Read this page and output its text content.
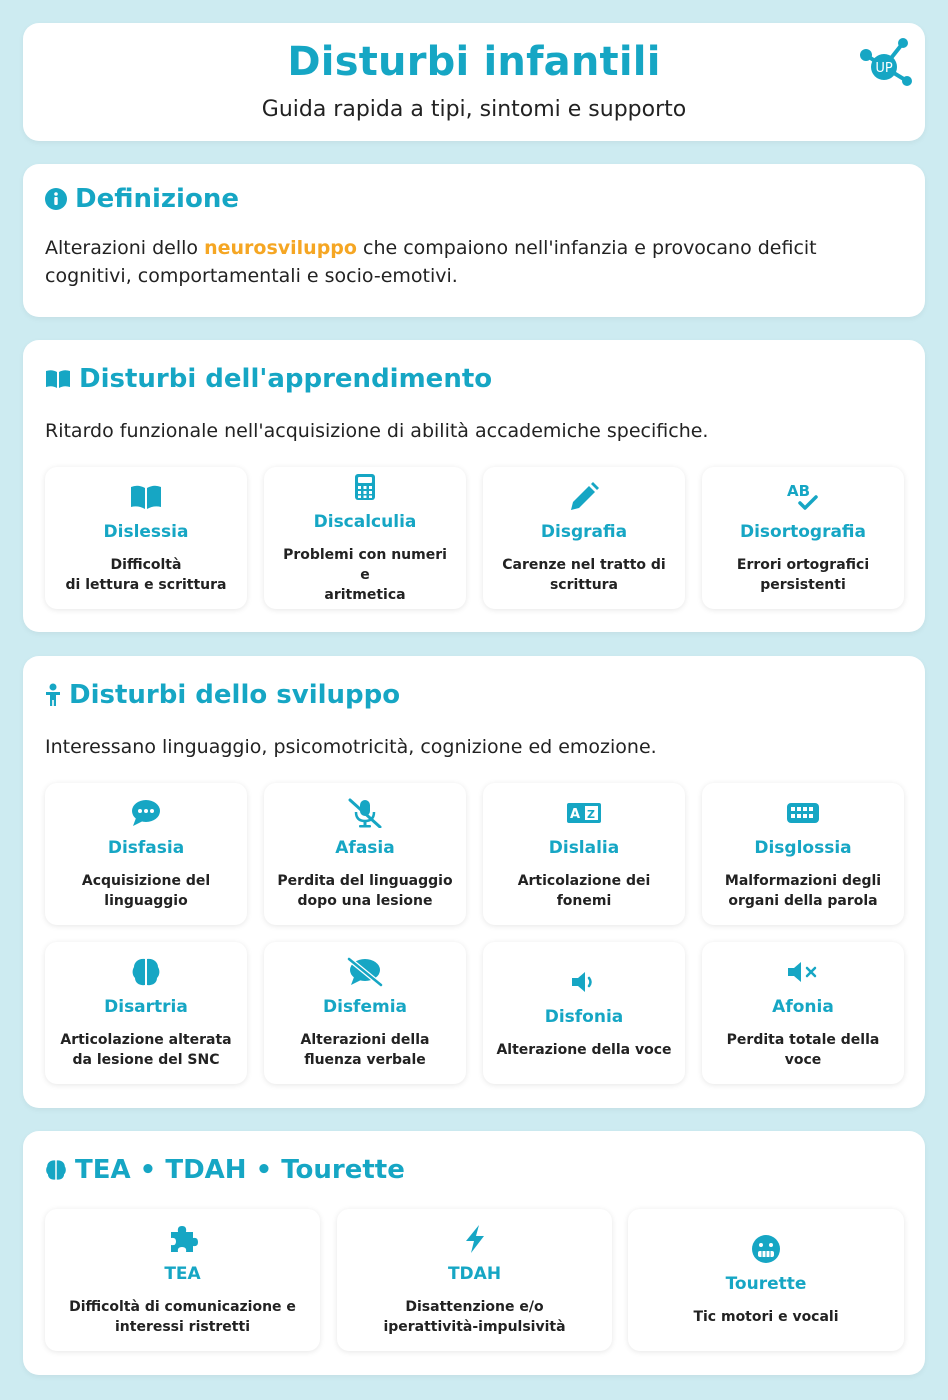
Disturbi infantili
Guida rapida a tipi, sintomi e supporto
UP
Definizione
Alterazioni dello neurosviluppo che compaiono nell'infanzia e provocano deficit cognitivi, comportamentali e socio-emotivi.
Disturbi dell'apprendimento
Ritardo funzionale nell'acquisizione di abilità accademiche specifiche.
Dislessia
Difficoltà
di lettura e scrittura
Discalculia
Problemi con numeri e
aritmetica
Disgrafia
Carenze nel tratto di
scrittura
AB
Disortografia
Errori ortografici
persistenti
Disturbi dello sviluppo
Interessano linguaggio, psicomotricità, cognizione ed emozione.
Disfasia
Acquisizione del
linguaggio
Afasia
Perdita del linguaggio
dopo una lesione
A Z
Dislalia
Articolazione dei
fonemi
Disglossia
Malformazioni degli
organi della parola
Disartria
Articolazione alterata
da lesione del SNC
Disfemia
Alterazioni della
fluenza verbale
Disfonia
Alterazione della voce
Afonia
Perdita totale della
voce
TEA • TDAH • Tourette
TEA
Difficoltà di comunicazione e
interessi ristretti
TDAH
Disattenzione e/o
iperattività-impulsività
Tourette
Tic motori e vocali
